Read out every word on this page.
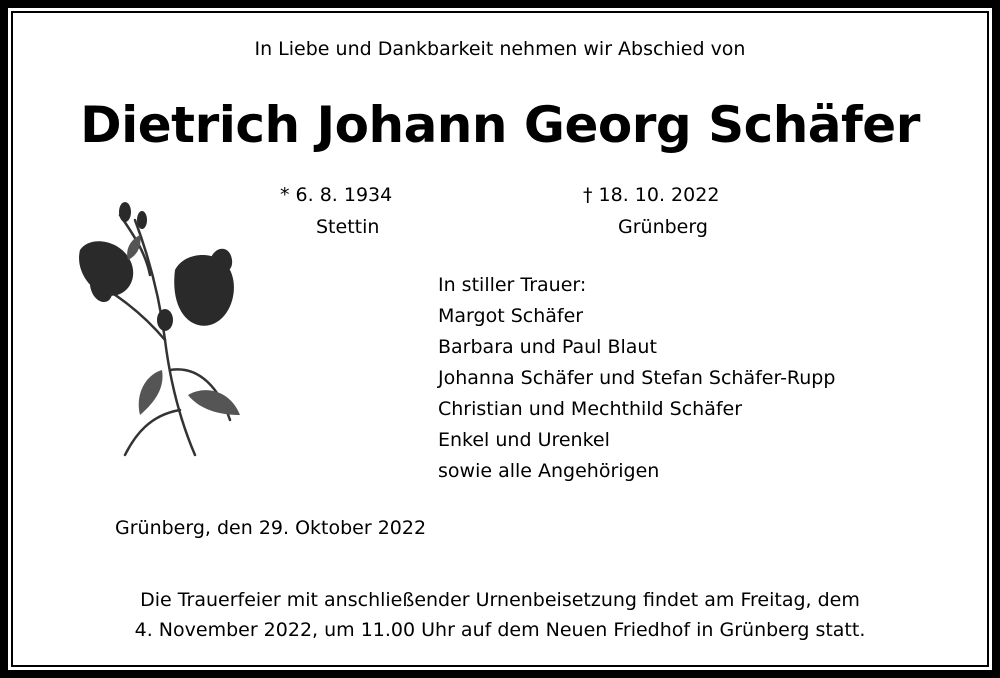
In Liebe und Dankbarkeit nehmen wir Abschied von
Dietrich Johann Georg Schäfer
* 6. 8. 1934
Stettin
† 18. 10. 2022
Grünberg
In stiller Trauer:
Margot Schäfer
Barbara und Paul Blaut
Johanna Schäfer und Stefan Schäfer-Rupp
Christian und Mechthild Schäfer
Enkel und Urenkel
sowie alle Angehörigen
Grünberg, den 29. Oktober 2022
Die Trauerfeier mit anschließender Urnenbeisetzung findet am Freitag, dem
4. November 2022, um 11.00 Uhr auf dem Neuen Friedhof in Grünberg statt.
